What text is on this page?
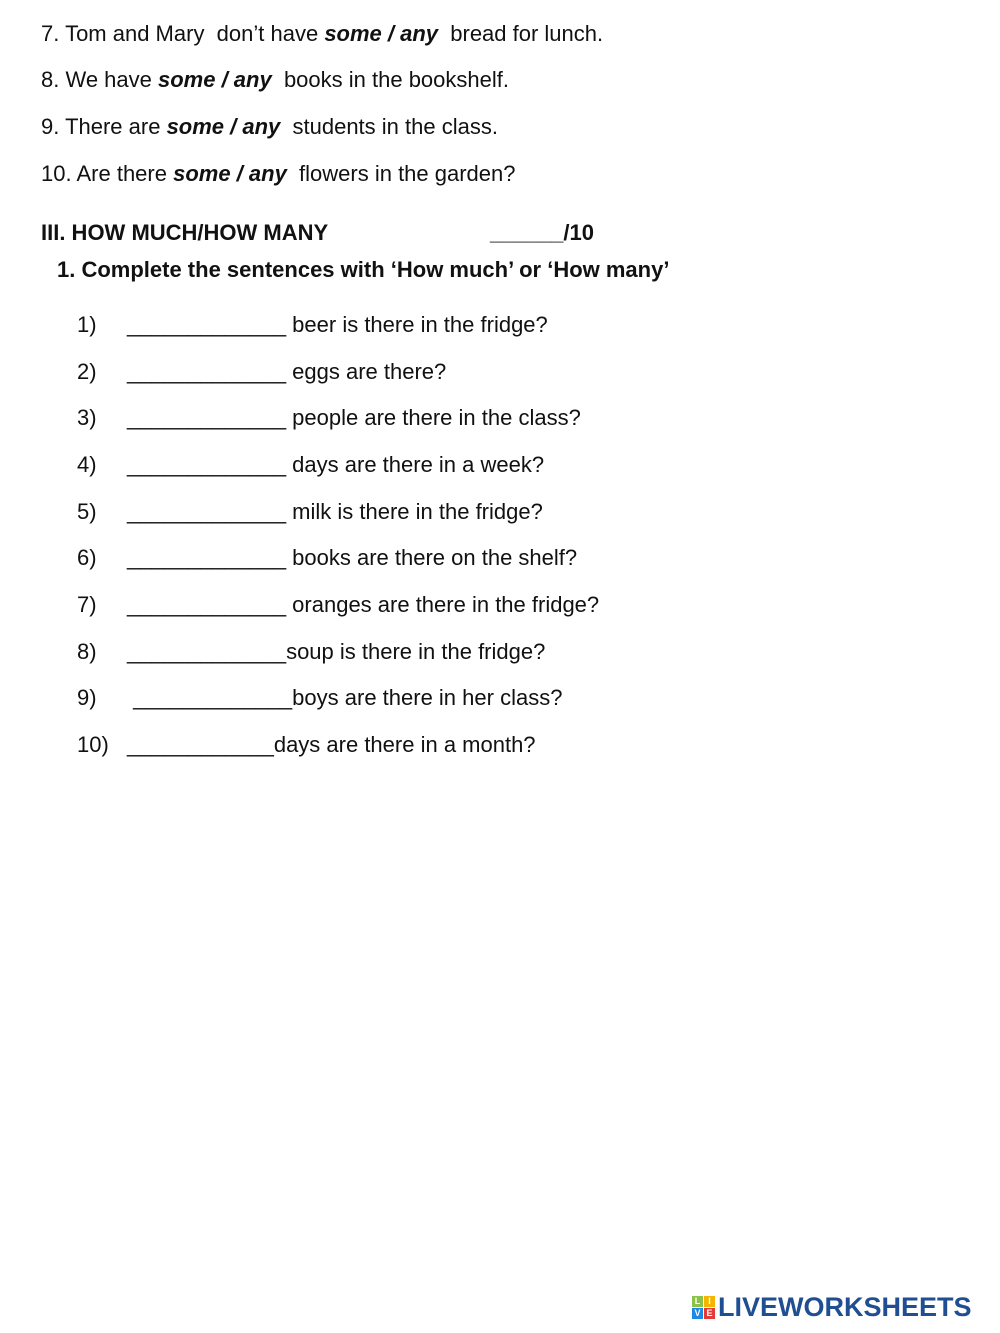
7. Tom and Mary  don’t have some / any  bread for lunch.
8. We have some / any  books in the bookshelf.
9. There are some / any  students in the class.
10. Are there some / any  flowers in the garden?
III. HOW MUCH/HOW MANY	______/10
1. Complete the sentences with ‘How much’ or ‘How many’
1) _____________ beer is there in the fridge?
2) _____________ eggs are there?
3) _____________ people are there in the class?
4) _____________ days are there in a week?
5) _____________ milk is there in the fridge?
6) _____________ books are there on the shelf?
7) _____________ oranges are there in the fridge?
8) _____________soup is there in the fridge?
9) _____________boys are there in her class?
10) ____________days are there in a month?
L I
V E LIVEWORKSHEETS
